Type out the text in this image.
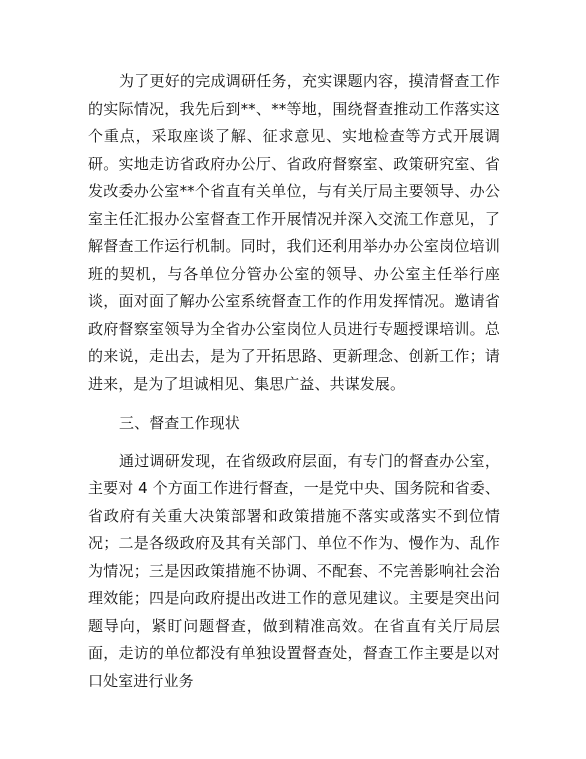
为了更好的完成调研任务，充实课题内容，摸清督查工作的实际情况，我先后到**、**等地，围绕督查推动工作落实这个重点，采取座谈了解、征求意见、实地检查等方式开展调研。实地走访省政府办公厅、省政府督察室、政策研究室、省发改委办公室**个省直有关单位，与有关厅局主要领导、办公室主任汇报办公室督查工作开展情况并深入交流工作意见，了解督查工作运行机制。同时，我们还利用举办办公室岗位培训班的契机，与各单位分管办公室的领导、办公室主任举行座谈，面对面了解办公室系统督查工作的作用发挥情况。邀请省政府督察室领导为全省办公室岗位人员进行专题授课培训。总的来说，走出去，是为了开拓思路、更新理念、创新工作；请进来，是为了坦诚相见、集思广益、共谋发展。

三、督查工作现状

通过调研发现，在省级政府层面，有专门的督查办公室，主要对 4 个方面工作进行督查，一是党中央、国务院和省委、省政府有关重大决策部署和政策措施不落实或落实不到位情况；二是各级政府及其有关部门、单位不作为、慢作为、乱作为情况；三是因政策措施不协调、不配套、不完善影响社会治理效能；四是向政府提出改进工作的意见建议。主要是突出问题导向，紧盯问题督查，做到精准高效。在省直有关厅局层面，走访的单位都没有单独设置督查处，督查工作主要是以对口处室进行业务
